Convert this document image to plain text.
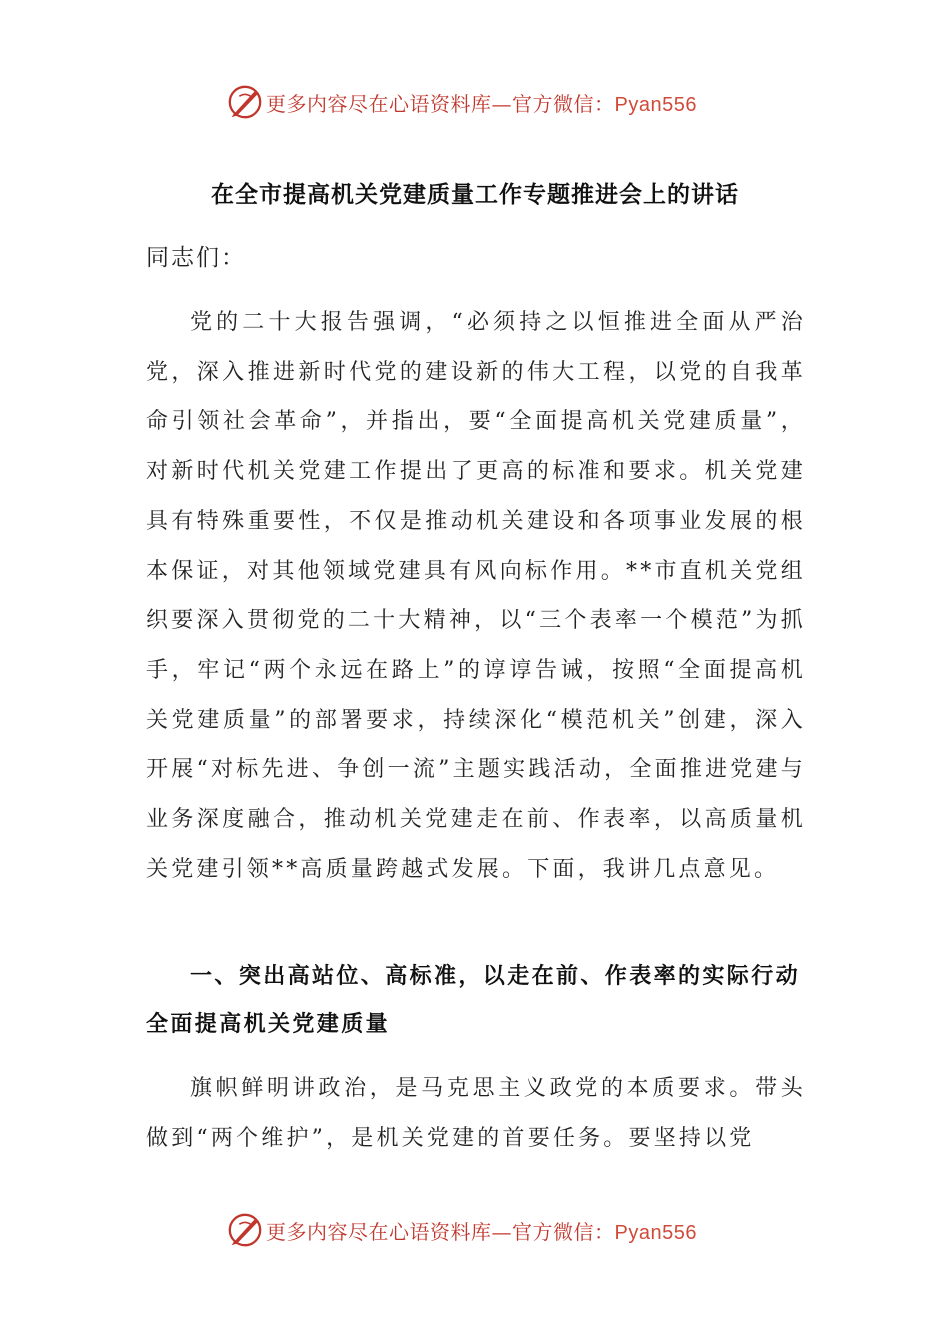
更多内容尽在心语资料库—官方微信：Pyan556
在全市提高机关党建质量工作专题推进会上的讲话
同志们：

党的二十大报告强调，“必须持之以恒推进全面从严治党，深入推进新时代党的建设新的伟大工程，以党的自我革命引领社会革命”，并指出，要“全面提高机关党建质量”，对新时代机关党建工作提出了更高的标准和要求。机关党建具有特殊重要性，不仅是推动机关建设和各项事业发展的根本保证，对其他领域党建具有风向标作用。**市直机关党组织要深入贯彻党的二十大精神，以“三个表率一个模范”为抓手，牢记“两个永远在路上”的谆谆告诫，按照“全面提高机关党建质量”的部署要求，持续深化“模范机关”创建，深入开展“对标先进、争创一流”主题实践活动，全面推进党建与业务深度融合，推动机关党建走在前、作表率，以高质量机关党建引领**高质量跨越式发展。下面，我讲几点意见。

一、突出高站位、高标准，以走在前、作表率的实际行动全面提高机关党建质量

旗帜鲜明讲政治，是马克思主义政党的本质要求。带头做到“两个维护”，是机关党建的首要任务。要坚持以党

更多内容尽在心语资料库—官方微信：Pyan556
